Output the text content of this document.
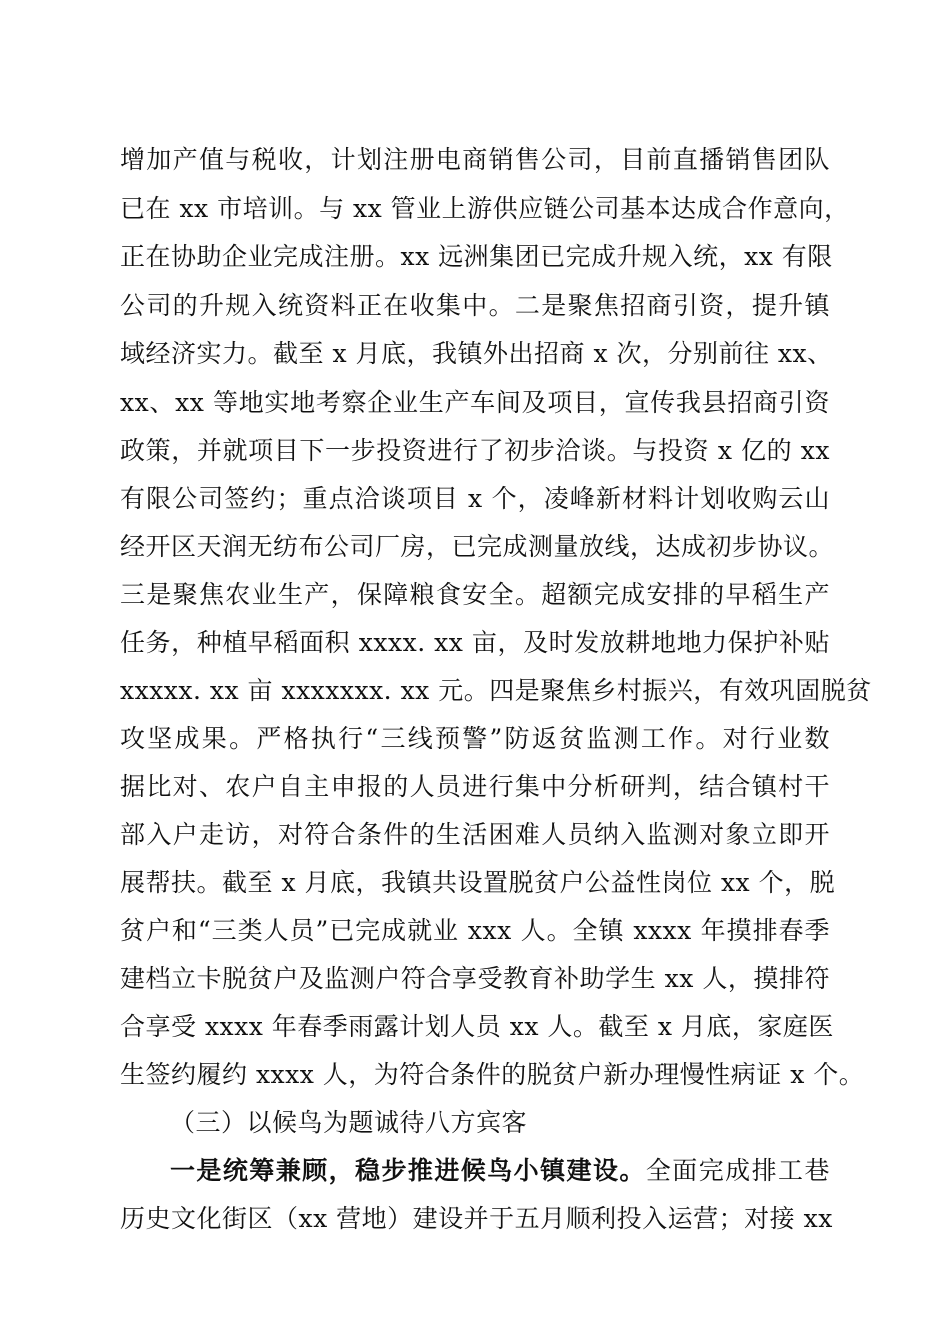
增加产值与税收，计划注册电商销售公司，目前直播销售团队
已在 xx 市培训。与 xx 管业上游供应链公司基本达成合作意向，
正在协助企业完成注册。xx 远洲集团已完成升规入统，xx 有限
公司的升规入统资料正在收集中。二是聚焦招商引资，提升镇
域经济实力。截至 x 月底，我镇外出招商 x 次，分别前往 xx、
xx、xx 等地实地考察企业生产车间及项目，宣传我县招商引资
政策，并就项目下一步投资进行了初步洽谈。与投资 x 亿的 xx
有限公司签约；重点洽谈项目 x 个，凌峰新材料计划收购云山
经开区天润无纺布公司厂房，已完成测量放线，达成初步协议。
三是聚焦农业生产，保障粮食安全。超额完成安排的早稻生产
任务，种植早稻面积 xxxx. xx 亩，及时发放耕地地力保护补贴
xxxxx. xx 亩 xxxxxxx. xx 元。四是聚焦乡村振兴，有效巩固脱贫
攻坚成果。严格执行“三线预警”防返贫监测工作。对行业数
据比对、农户自主申报的人员进行集中分析研判，结合镇村干
部入户走访，对符合条件的生活困难人员纳入监测对象立即开
展帮扶。截至 x 月底，我镇共设置脱贫户公益性岗位 xx 个，脱
贫户和“三类人员”已完成就业 xxx 人。全镇 xxxx 年摸排春季
建档立卡脱贫户及监测户符合享受教育补助学生 xx 人，摸排符
合享受 xxxx 年春季雨露计划人员 xx 人。截至 x 月底，家庭医
生签约履约 xxxx 人，为符合条件的脱贫户新办理慢性病证 x 个。
（三）以候鸟为题诚待八方宾客
一是统筹兼顾，稳步推进候鸟小镇建设。全面完成排工巷
历史文化街区（xx 营地）建设并于五月顺利投入运营；对接 xx
